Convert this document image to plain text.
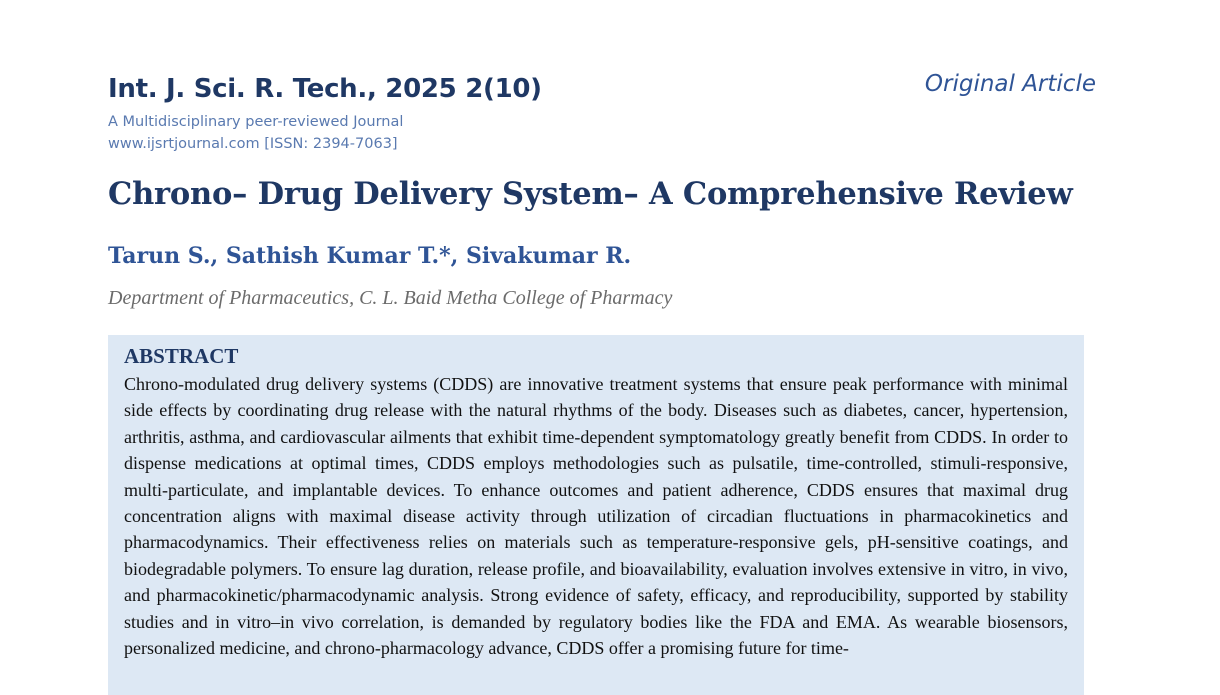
Int. J. Sci. R. Tech., 2025 2(10)	Original Article
A Multidisciplinary peer-reviewed Journal
www.ijsrtjournal.com [ISSN: 2394-7063]
Chrono– Drug Delivery System– A Comprehensive Review
Tarun S., Sathish Kumar T.*, Sivakumar R.
Department of Pharmaceutics, C. L. Baid Metha College of Pharmacy
ABSTRACT

Chrono-modulated drug delivery systems (CDDS) are innovative treatment systems that ensure peak performance with minimal side effects by coordinating drug release with the natural rhythms of the body. Diseases such as diabetes, cancer, hypertension, arthritis, asthma, and cardiovascular ailments that exhibit time-dependent symptomatology greatly benefit from CDDS. In order to dispense medications at optimal times, CDDS employs methodologies such as pulsatile, time-controlled, stimuli-responsive, multi-particulate, and implantable devices. To enhance outcomes and patient adherence, CDDS ensures that maximal drug concentration aligns with maximal disease activity through utilization of circadian fluctuations in pharmacokinetics and pharmacodynamics. Their effectiveness relies on materials such as temperature-responsive gels, pH-sensitive coatings, and biodegradable polymers. To ensure lag duration, release profile, and bioavailability, evaluation involves extensive in vitro, in vivo, and pharmacokinetic/pharmacodynamic analysis. Strong evidence of safety, efficacy, and reproducibility, supported by stability studies and in vitro–in vivo correlation, is demanded by regulatory bodies like the FDA and EMA. As wearable biosensors, personalized medicine, and chrono-pharmacology advance, CDDS offer a promising future for time-
